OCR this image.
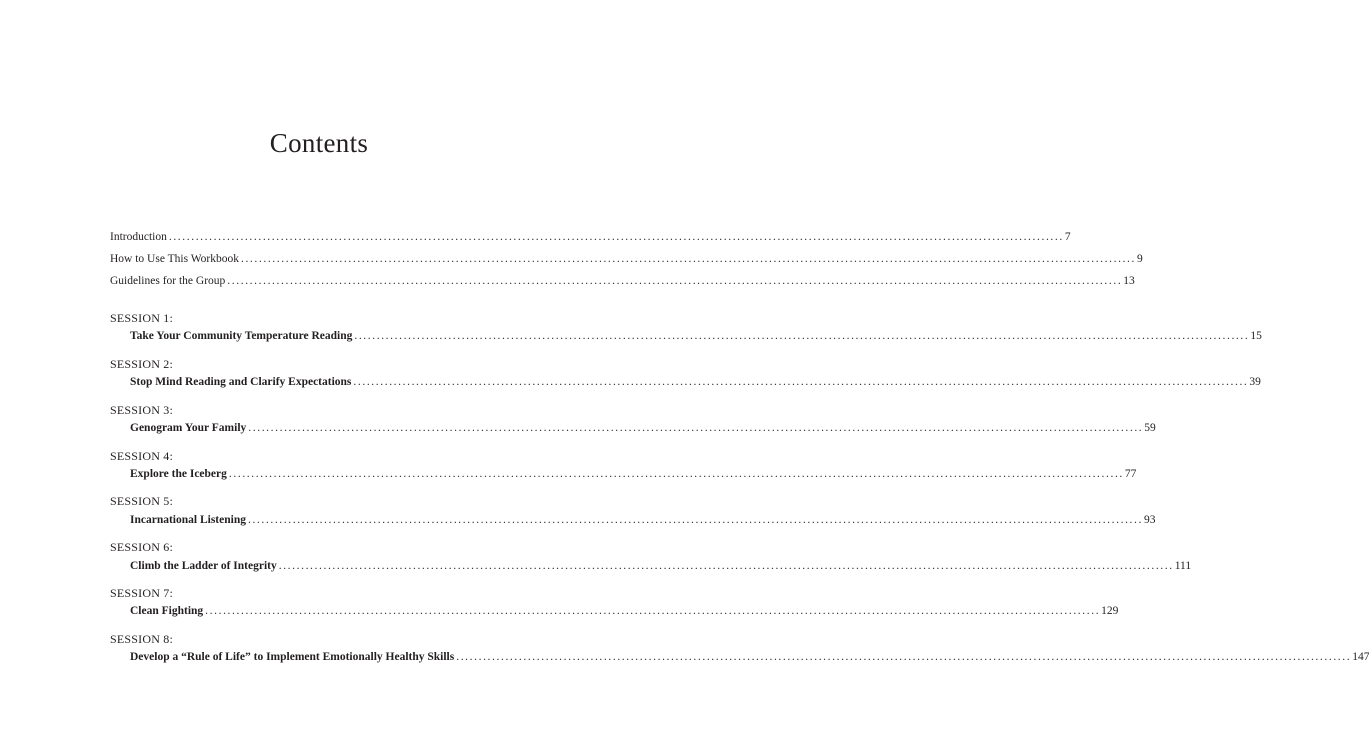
Contents
Introduction ........................................................................................................................................................................................................ 7
How to Use This Workbook ........................................................................................................................................................................................................ 9
Guidelines for the Group ........................................................................................................................................................................................................ 13
SESSION 1:
Take Your Community Temperature Reading ........................................................................................................................................................................................................ 15
SESSION 2:
Stop Mind Reading and Clarify Expectations ........................................................................................................................................................................................................ 39
SESSION 3:
Genogram Your Family ........................................................................................................................................................................................................ 59
SESSION 4:
Explore the Iceberg ........................................................................................................................................................................................................ 77
SESSION 5:
Incarnational Listening ........................................................................................................................................................................................................ 93
SESSION 6:
Climb the Ladder of Integrity ........................................................................................................................................................................................................ 111
SESSION 7:
Clean Fighting ........................................................................................................................................................................................................ 129
SESSION 8:
Develop a “Rule of Life” to Implement Emotionally Healthy Skills ........................................................................................................................................................................................................ 147
